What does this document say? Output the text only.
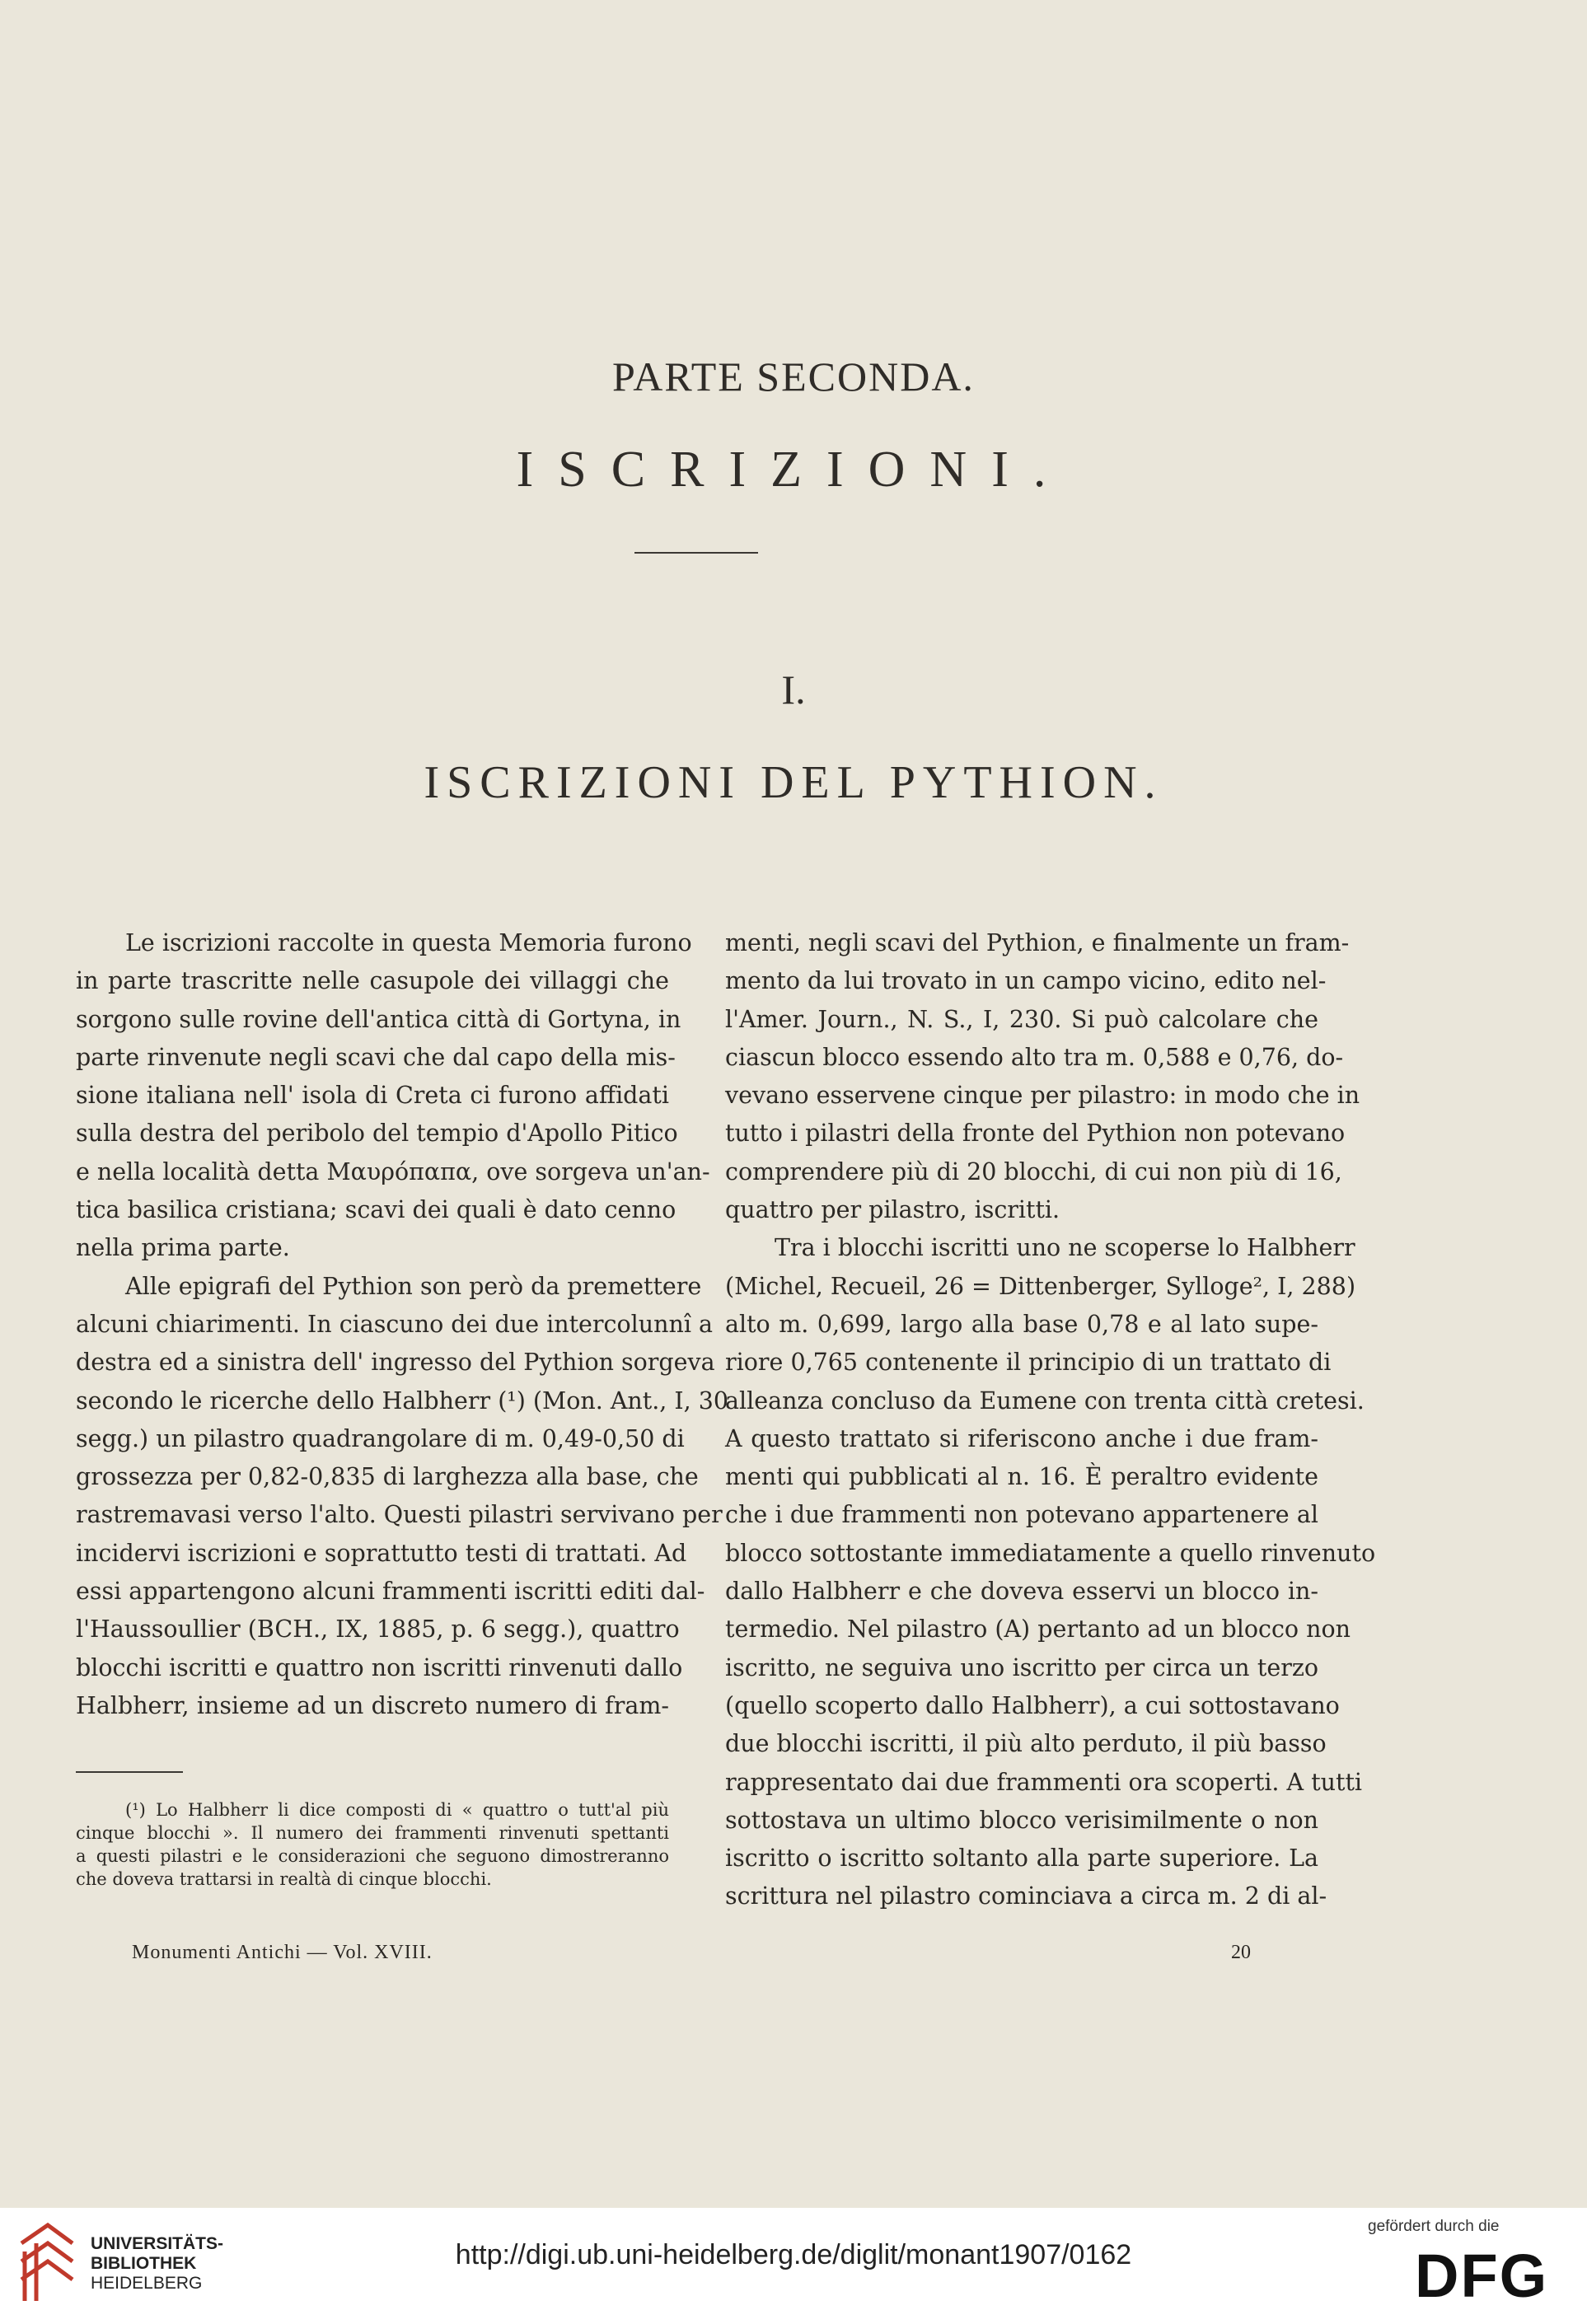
PARTE SECONDA.
ISCRIZIONI.
I.
ISCRIZIONI DEL PYTHION.
Le iscrizioni raccolte in questa Memoria furono
in parte trascritte nelle casupole dei villaggi che
sorgono sulle rovine dell'antica città di Gortyna, in
parte rinvenute negli scavi che dal capo della mis-
sione italiana nell' isola di Creta ci furono affidati
sulla destra del peribolo del tempio d'Apollo Pitico
e nella località detta Μαυρόπαπα, ove sorgeva un'an-
tica basilica cristiana; scavi dei quali è dato cenno
nella prima parte.
Alle epigrafi del Pythion son però da premettere
alcuni chiarimenti. In ciascuno dei due intercolunnî a
destra ed a sinistra dell' ingresso del Pythion sorgeva
secondo le ricerche dello Halbherr (¹) (Mon. Ant., I, 30
segg.) un pilastro quadrangolare di m. 0,49-0,50 di
grossezza per 0,82-0,835 di larghezza alla base, che
rastremavasi verso l'alto. Questi pilastri servivano per
incidervi iscrizioni e soprattutto testi di trattati. Ad
essi appartengono alcuni frammenti iscritti editi dal-
l'Haussoullier (BCH., IX, 1885, p. 6 segg.), quattro
blocchi iscritti e quattro non iscritti rinvenuti dallo
Halbherr, insieme ad un discreto numero di fram-
(¹) Lo Halbherr li dice composti di « quattro o tutt'al più
cinque blocchi ». Il numero dei frammenti rinvenuti spettanti
a questi pilastri e le considerazioni che seguono dimostreranno
che doveva trattarsi in realtà di cinque blocchi.
menti, negli scavi del Pythion, e finalmente un fram-
mento da lui trovato in un campo vicino, edito nel-
l'Amer. Journ., N. S., I, 230. Si può calcolare che
ciascun blocco essendo alto tra m. 0,588 e 0,76, do-
vevano esservene cinque per pilastro: in modo che in
tutto i pilastri della fronte del Pythion non potevano
comprendere più di 20 blocchi, di cui non più di 16,
quattro per pilastro, iscritti.
Tra i blocchi iscritti uno ne scoperse lo Halbherr
(Michel, Recueil, 26 = Dittenberger, Sylloge², I, 288)
alto m. 0,699, largo alla base 0,78 e al lato supe-
riore 0,765 contenente il principio di un trattato di
alleanza concluso da Eumene con trenta città cretesi.
A questo trattato si riferiscono anche i due fram-
menti qui pubblicati al n. 16. È peraltro evidente
che i due frammenti non potevano appartenere al
blocco sottostante immediatamente a quello rinvenuto
dallo Halbherr e che doveva esservi un blocco in-
termedio. Nel pilastro (A) pertanto ad un blocco non
iscritto, ne seguiva uno iscritto per circa un terzo
(quello scoperto dallo Halbherr), a cui sottostavano
due blocchi iscritti, il più alto perduto, il più basso
rappresentato dai due frammenti ora scoperti. A tutti
sottostava un ultimo blocco verisimilmente o non
iscritto o iscritto soltanto alla parte superiore. La
scrittura nel pilastro cominciava a circa m. 2 di al-
Monumenti Antichi — Vol. XVIII.	20
UNIVERSITÄTS-
BIBLIOTHEK
HEIDELBERG
http://digi.ub.uni-heidelberg.de/diglit/monant1907/0162
gefördert durch die
DFG
